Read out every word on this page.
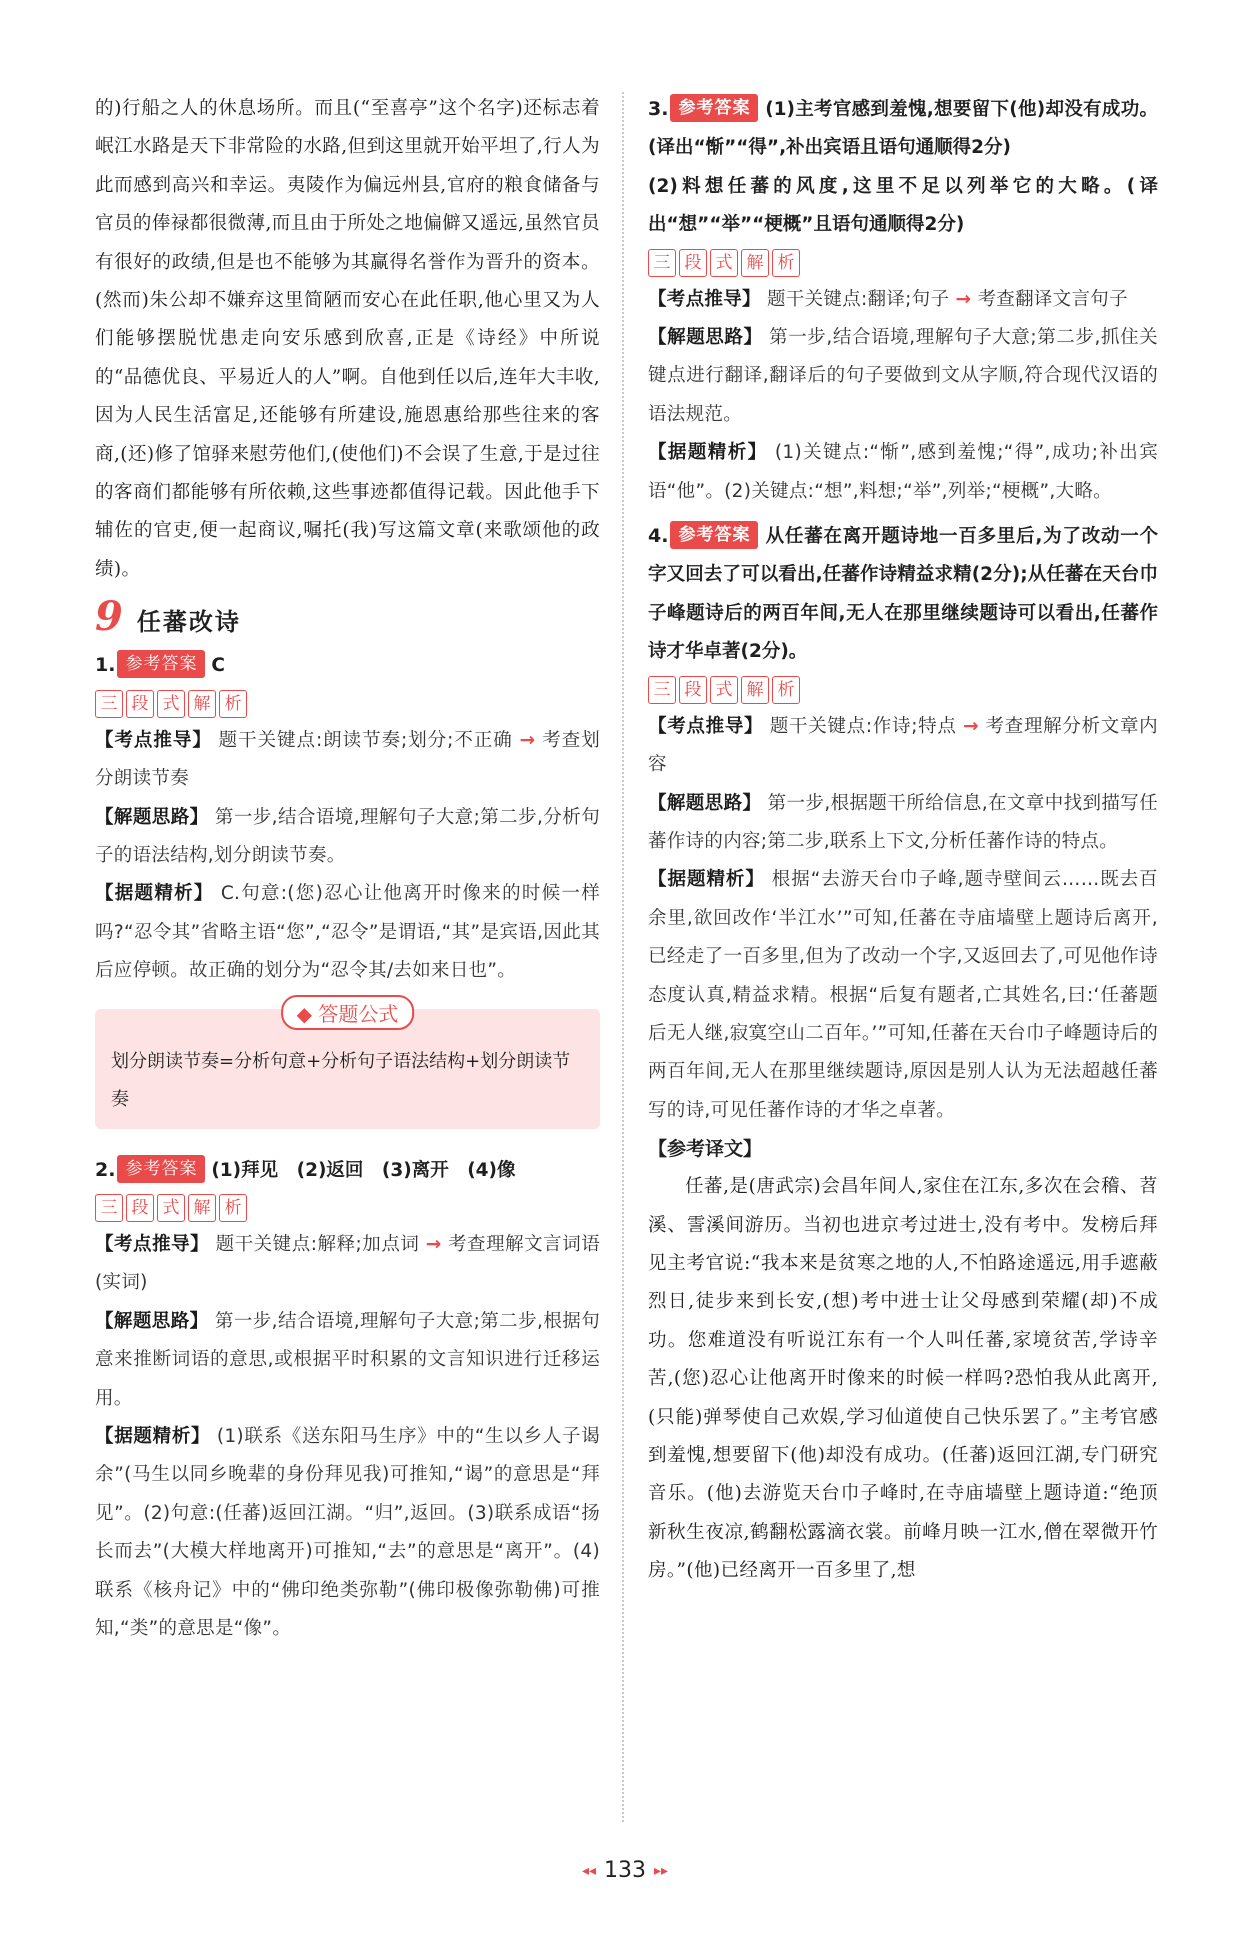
的)行船之人的休息场所。而且(“至喜亭”这个名字)还标志着岷江水路是天下非常险的水路,但到这里就开始平坦了,行人为此而感到高兴和幸运。夷陵作为偏远州县,官府的粮食储备与官员的俸禄都很微薄,而且由于所处之地偏僻又遥远,虽然官员有很好的政绩,但是也不能够为其赢得名誉作为晋升的资本。(然而)朱公却不嫌弃这里简陋而安心在此任职,他心里又为人们能够摆脱忧患走向安乐感到欣喜,正是《诗经》中所说的“品德优良、平易近人的人”啊。自他到任以后,连年大丰收,因为人民生活富足,还能够有所建设,施恩惠给那些往来的客商,(还)修了馆驿来慰劳他们,(使他们)不会误了生意,于是过往的客商们都能够有所依赖,这些事迹都值得记载。因此他手下辅佐的官吏,便一起商议,嘱托(我)写这篇文章(来歌颂他的政绩)。

9 任蕃改诗

1. 参考答案 C

三 段 式 解 析

【考点推导】 题干关键点:朗读节奏;划分;不正确 → 考查划分朗读节奏

【解题思路】 第一步,结合语境,理解句子大意;第二步,分析句子的语法结构,划分朗读节奏。

【据题精析】 C.句意:(您)忍心让他离开时像来的时候一样吗?“忍令其”省略主语“您”,“忍令”是谓语,“其”是宾语,因此其后应停顿。故正确的划分为“忍令其/去如来日也”。

◆ 答题公式

划分朗读节奏=分析句意+分析句子语法结构+划分朗读节奏

2. 参考答案 (1)拜见　(2)返回　(3)离开　(4)像

三 段 式 解 析

【考点推导】 题干关键点:解释;加点词 → 考查理解文言词语(实词)

【解题思路】 第一步,结合语境,理解句子大意;第二步,根据句意来推断词语的意思,或根据平时积累的文言知识进行迁移运用。

【据题精析】 (1)联系《送东阳马生序》中的“生以乡人子谒余”(马生以同乡晚辈的身份拜见我)可推知,“谒”的意思是“拜见”。(2)句意:(任蕃)返回江湖。“归”,返回。(3)联系成语“扬长而去”(大模大样地离开)可推知,“去”的意思是“离开”。(4)联系《核舟记》中的“佛印绝类弥勒”(佛印极像弥勒佛)可推知,“类”的意思是“像”。

3. 参考答案 (1)主考官感到羞愧,想要留下(他)却没有成功。(译出“惭”“得”,补出宾语且语句通顺得2分)

(2)料想任蕃的风度,这里不足以列举它的大略。(译出“想”“举”“梗概”且语句通顺得2分)

三 段 式 解 析

【考点推导】 题干关键点:翻译;句子 → 考查翻译文言句子

【解题思路】 第一步,结合语境,理解句子大意;第二步,抓住关键点进行翻译,翻译后的句子要做到文从字顺,符合现代汉语的语法规范。

【据题精析】 (1)关键点:“惭”,感到羞愧;“得”,成功;补出宾语“他”。(2)关键点:“想”,料想;“举”,列举;“梗概”,大略。

4. 参考答案 从任蕃在离开题诗地一百多里后,为了改动一个字又回去了可以看出,任蕃作诗精益求精(2分);从任蕃在天台巾子峰题诗后的两百年间,无人在那里继续题诗可以看出,任蕃作诗才华卓著(2分)。

三 段 式 解 析

【考点推导】 题干关键点:作诗;特点 → 考查理解分析文章内容

【解题思路】 第一步,根据题干所给信息,在文章中找到描写任蕃作诗的内容;第二步,联系上下文,分析任蕃作诗的特点。

【据题精析】 根据“去游天台巾子峰,题寺壁间云……既去百余里,欲回改作‘半江水’”可知,任蕃在寺庙墙壁上题诗后离开,已经走了一百多里,但为了改动一个字,又返回去了,可见他作诗态度认真,精益求精。根据“后复有题者,亡其姓名,曰:‘任蕃题后无人继,寂寞空山二百年。’”可知,任蕃在天台巾子峰题诗后的两百年间,无人在那里继续题诗,原因是别人认为无法超越任蕃写的诗,可见任蕃作诗的才华之卓著。

【参考译文】

任蕃,是(唐武宗)会昌年间人,家住在江东,多次在会稽、苕溪、霅溪间游历。当初也进京考过进士,没有考中。发榜后拜见主考官说:“我本来是贫寒之地的人,不怕路途遥远,用手遮蔽烈日,徒步来到长安,(想)考中进士让父母感到荣耀(却)不成功。您难道没有听说江东有一个人叫任蕃,家境贫苦,学诗辛苦,(您)忍心让他离开时像来的时候一样吗?恐怕我从此离开,(只能)弹琴使自己欢娱,学习仙道使自己快乐罢了。”主考官感到羞愧,想要留下(他)却没有成功。(任蕃)返回江湖,专门研究音乐。(他)去游览天台巾子峰时,在寺庙墙壁上题诗道:“绝顶新秋生夜凉,鹤翻松露滴衣裳。前峰月映一江水,僧在翠微开竹房。”(他)已经离开一百多里了,想

◂◂ 133 ▸▸
